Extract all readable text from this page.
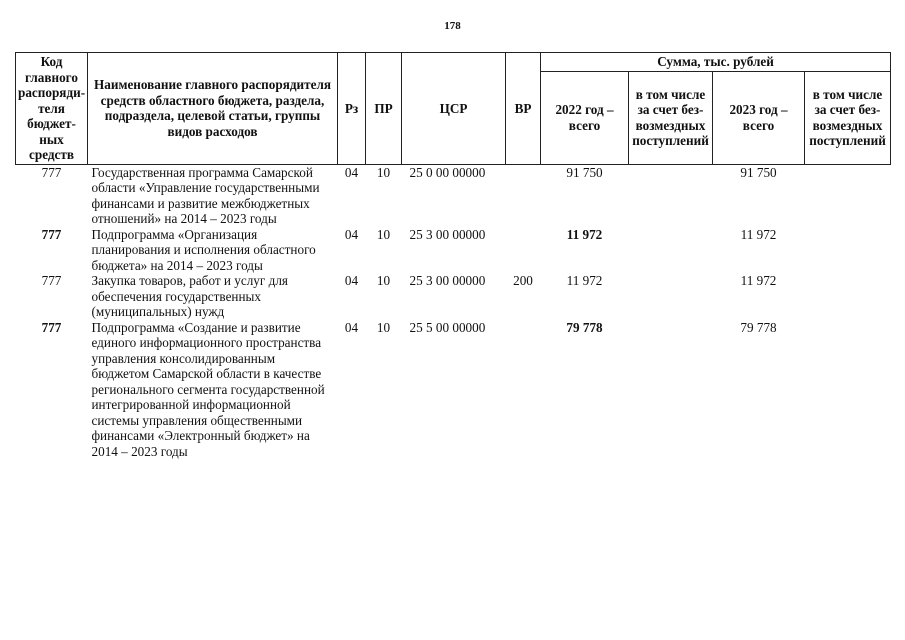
178
Код главного распорядителя бюджетных средств	Наименование главного распорядителя средств областного бюджета, раздела, подраздела, целевой статьи, группы видов расходов	Рз	ПР	ЦСР	ВР	Сумма, тыс. рублей			
						2022 год – всего	в том числе за счет безвозмездных поступлений	2023 год – всего	в том числе за счет безвозмездных поступлений
777	Государственная программа Самарской области «Управление государственными финансами и развитие межбюджетных отношений» на 2014 – 2023 годы	04	10	25 0 00 00000		91 750		91 750	
777	Подпрограмма «Организация планирования и исполнения областного бюджета» на 2014 – 2023 годы	04	10	25 3 00 00000		11 972		11 972	
777	Закупка товаров, работ и услуг для обеспечения государственных (муниципальных) нужд	04	10	25 3 00 00000	200	11 972		11 972	
777	Подпрограмма «Создание и развитие единого информационного пространства управления консолидированным бюджетом Самарской области в качестве регионального сегмента государственной интегрированной информационной системы управления общественными финансами «Электронный бюджет» на 2014 – 2023 годы	04	10	25 5 00 00000		79 778		79 778	
